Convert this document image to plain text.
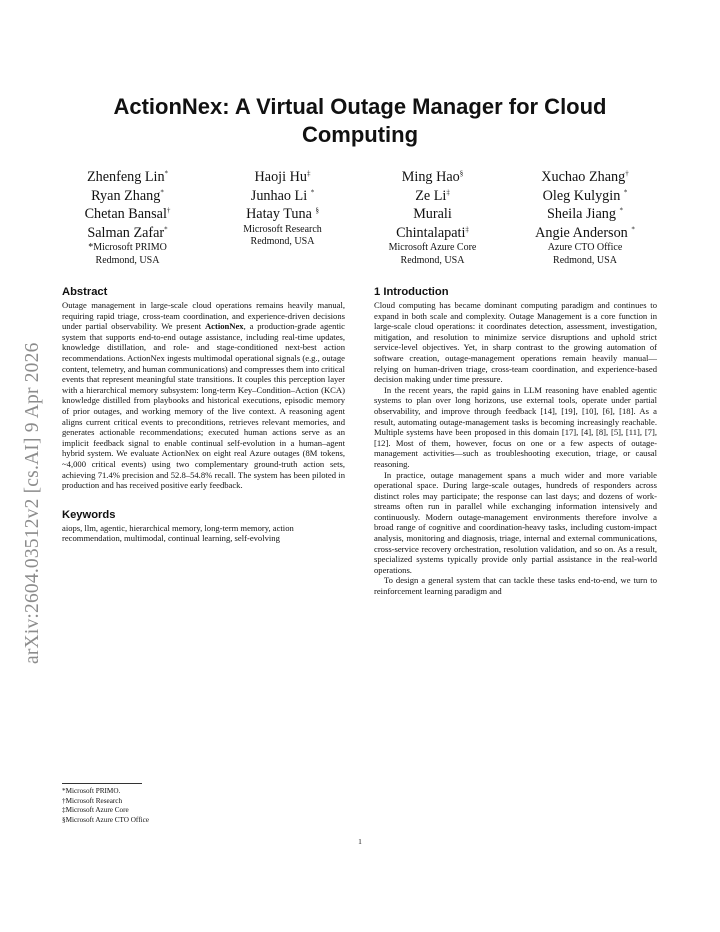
arXiv:2604.03512v2 [cs.AI] 9 Apr 2026
ActionNex: A Virtual Outage Manager for Cloud Computing
Zhenfeng Lin*
Ryan Zhang*
Chetan Bansal†
Salman Zafar*
*Microsoft PRIMO
Redmond, USA
Haoji Hu‡
Junhao Li *
Hatay Tuna §
Microsoft Research
Redmond, USA
Ming Hao§
Ze Li‡
Murali
Chintalapati‡
Microsoft Azure Core
Redmond, USA
Xuchao Zhang†
Oleg Kulygin *
Sheila Jiang *
Angie Anderson *
Azure CTO Office
Redmond, USA
Abstract

Outage management in large-scale cloud operations remains heavily manual, requiring rapid triage, cross-team coordination, and experience-driven decisions under partial observability. We present ActionNex, a production-grade agentic system that supports end-to-end outage assistance, including real-time updates, knowledge distillation, and role- and stage-conditioned next-best action recommendations. ActionNex ingests multimodal operational signals (e.g., outage content, telemetry, and human communications) and compresses them into critical events that represent meaningful state transitions. It couples this perception layer with a hierarchical memory subsystem: long-term Key–Condition–Action (KCA) knowledge distilled from playbooks and historical executions, episodic memory of prior outages, and working memory of the live context. A reasoning agent aligns current critical events to preconditions, retrieves relevant memories, and generates actionable recommendations; executed human actions serve as an implicit feedback signal to enable continual self-evolution in a human–agent hybrid system. We evaluate ActionNex on eight real Azure outages (8M tokens, ~4,000 critical events) using two complementary ground-truth action sets, achieving 71.4% precision and 52.8–54.8% recall. The system has been piloted in production and has received positive early feedback.

Keywords

aiops, llm, agentic, hierarchical memory, long-term memory, action recommendation, multimodal, continual learning, self-evolving

*Microsoft PRIMO.
†Microsoft Research
‡Microsoft Azure Core
§Microsoft Azure CTO Office
1 Introduction

Cloud computing has became dominant computing paradigm and continues to expand in both scale and complexity. Outage Management is a core function in large-scale cloud operations: it coordinates detection, assessment, investigation, mitigation, and resolution to minimize service disruptions and uphold strict service-level objectives. Yet, in sharp contrast to the growing automation of software creation, outage-management operations remain heavily manual—relying on human-driven triage, cross-team coordination, and experience-based decision making under time pressure.

In the recent years, the rapid gains in LLM reasoning have enabled agentic systems to plan over long horizons, use external tools, operate under partial observability, and improve through feedback [14], [19], [10], [6], [18]. As a result, automating outage-management tasks is becoming increasingly reachable. Multiple systems have been proposed in this domain [17], [4], [8], [5], [11], [7], [12]. Most of them, however, focus on one or a few aspects of outage-management activities—such as troubleshooting execution, triage, or causal reasoning.

In practice, outage management spans a much wider and more variable operational space. During large-scale outages, hundreds of responders across distinct roles may participate; the response can last days; and dozens of work-streams often run in parallel while exchanging information intensively and continuously. Modern outage-management environments therefore involve a broad range of cognitive and coordination-heavy tasks, including custom-impact analysis, monitoring and diagnosis, triage, internal and external communications, cross-service recovery orchestration, resolution validation, and so on. As a result, specialized systems typically provide only partial assistance in the real-world operations.

To design a general system that can tackle these tasks end-to-end, we turn to reinforcement learning paradigm and

1
